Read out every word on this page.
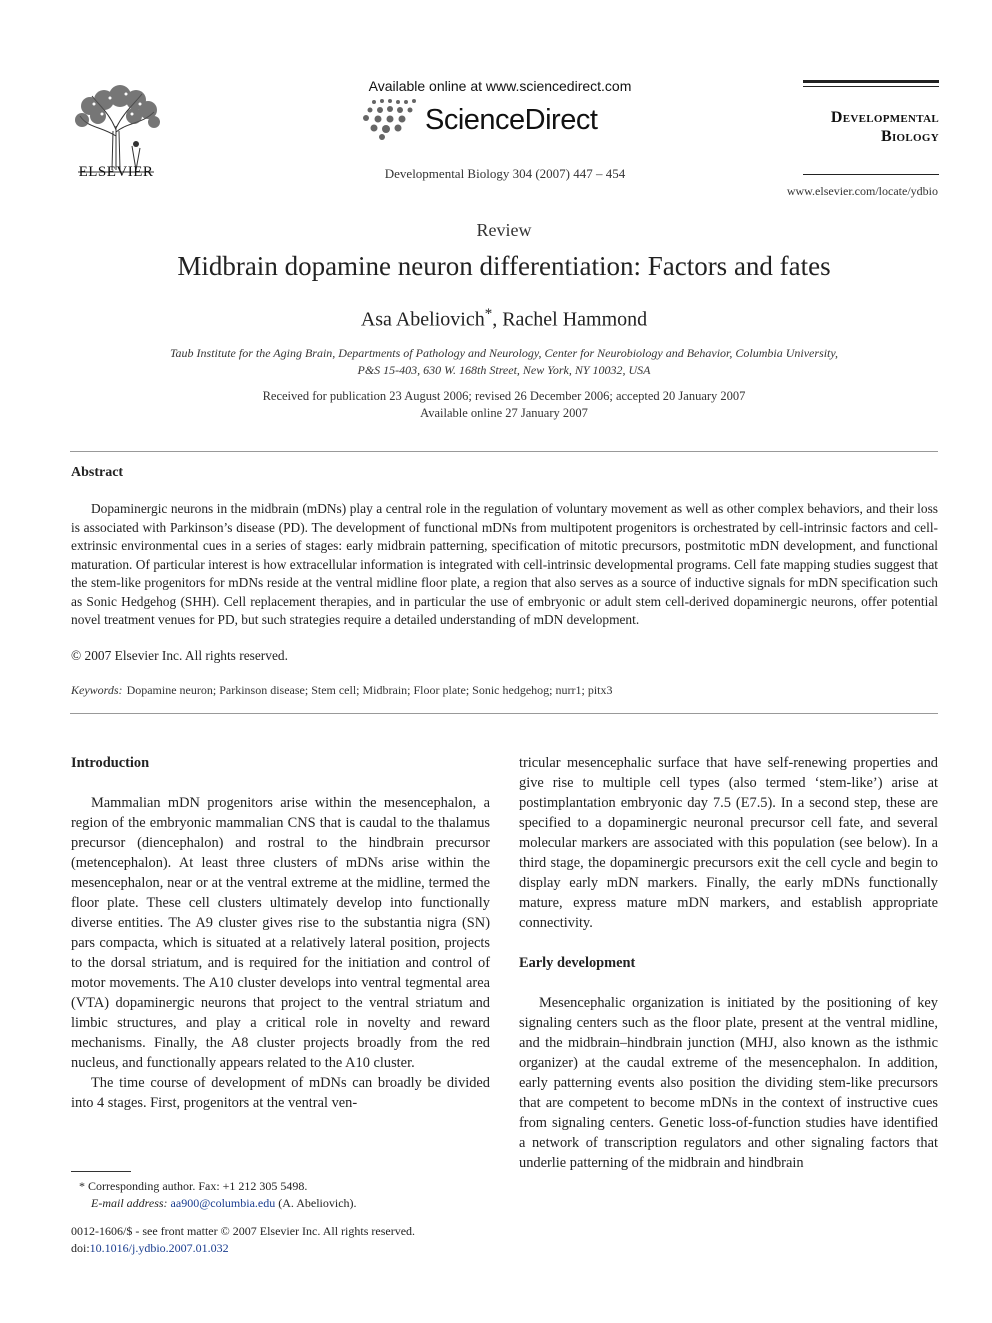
ELSEVIER
Available online at www.sciencedirect.com
ScienceDirect
Developmental Biology 304 (2007) 447 – 454
Developmental
Biology
www.elsevier.com/locate/ydbio
Review
Midbrain dopamine neuron differentiation: Factors and fates
Asa Abeliovich*, Rachel Hammond
Taub Institute for the Aging Brain, Departments of Pathology and Neurology, Center for Neurobiology and Behavior, Columbia University,
P&S 15-403, 630 W. 168th Street, New York, NY 10032, USA
Received for publication 23 August 2006; revised 26 December 2006; accepted 20 January 2007
Available online 27 January 2007
Abstract

Dopaminergic neurons in the midbrain (mDNs) play a central role in the regulation of voluntary movement as well as other complex behaviors, and their loss is associated with Parkinson’s disease (PD). The development of functional mDNs from multipotent progenitors is orchestrated by cell-intrinsic factors and cell-extrinsic environmental cues in a series of stages: early midbrain patterning, specification of mitotic precursors, postmitotic mDN development, and functional maturation. Of particular interest is how extracellular information is integrated with cell-intrinsic developmental programs. Cell fate mapping studies suggest that the stem-like progenitors for mDNs reside at the ventral midline floor plate, a region that also serves as a source of inductive signals for mDN specification such as Sonic Hedgehog (SHH). Cell replacement therapies, and in particular the use of embryonic or adult stem cell-derived dopaminergic neurons, offer potential novel treatment venues for PD, but such strategies require a detailed understanding of mDN development.

© 2007 Elsevier Inc. All rights reserved.
Keywords: Dopamine neuron; Parkinson disease; Stem cell; Midbrain; Floor plate; Sonic hedgehog; nurr1; pitx3

Introduction

Mammalian mDN progenitors arise within the mesencephalon, a region of the embryonic mammalian CNS that is caudal to the thalamus precursor (diencephalon) and rostral to the hindbrain precursor (metencephalon). At least three clusters of mDNs arise within the mesencephalon, near or at the ventral extreme at the midline, termed the floor plate. These cell clusters ultimately develop into functionally diverse entities. The A9 cluster gives rise to the substantia nigra (SN) pars compacta, which is situated at a relatively lateral position, projects to the dorsal striatum, and is required for the initiation and control of motor movements. The A10 cluster develops into ventral tegmental area (VTA) dopaminergic neurons that project to the ventral striatum and limbic structures, and play a critical role in novelty and reward mechanisms. Finally, the A8 cluster projects broadly from the red nucleus, and functionally appears related to the A10 cluster.

The time course of development of mDNs can broadly be divided into 4 stages. First, progenitors at the ventral ven-

tricular mesencephalic surface that have self-renewing properties and give rise to multiple cell types (also termed ‘stem-like’) arise at postimplantation embryonic day 7.5 (E7.5). In a second step, these are specified to a dopaminergic neuronal precursor cell fate, and several molecular markers are associated with this population (see below). In a third stage, the dopaminergic precursors exit the cell cycle and begin to display early mDN markers. Finally, the early mDNs functionally mature, express mature mDN markers, and establish appropriate connectivity.

Early development

Mesencephalic organization is initiated by the positioning of key signaling centers such as the floor plate, present at the ventral midline, and the midbrain–hindbrain junction (MHJ, also known as the isthmic organizer) at the caudal extreme of the mesencephalon. In addition, early patterning events also position the dividing stem-like precursors that are competent to become mDNs in the context of instructive cues from signaling centers. Genetic loss-of-function studies have identified a network of transcription regulators and other signaling factors that underlie patterning of the midbrain and hindbrain

* Corresponding author. Fax: +1 212 305 5498.
E-mail address: aa900@columbia.edu (A. Abeliovich).
0012-1606/$ - see front matter © 2007 Elsevier Inc. All rights reserved.
doi:10.1016/j.ydbio.2007.01.032
